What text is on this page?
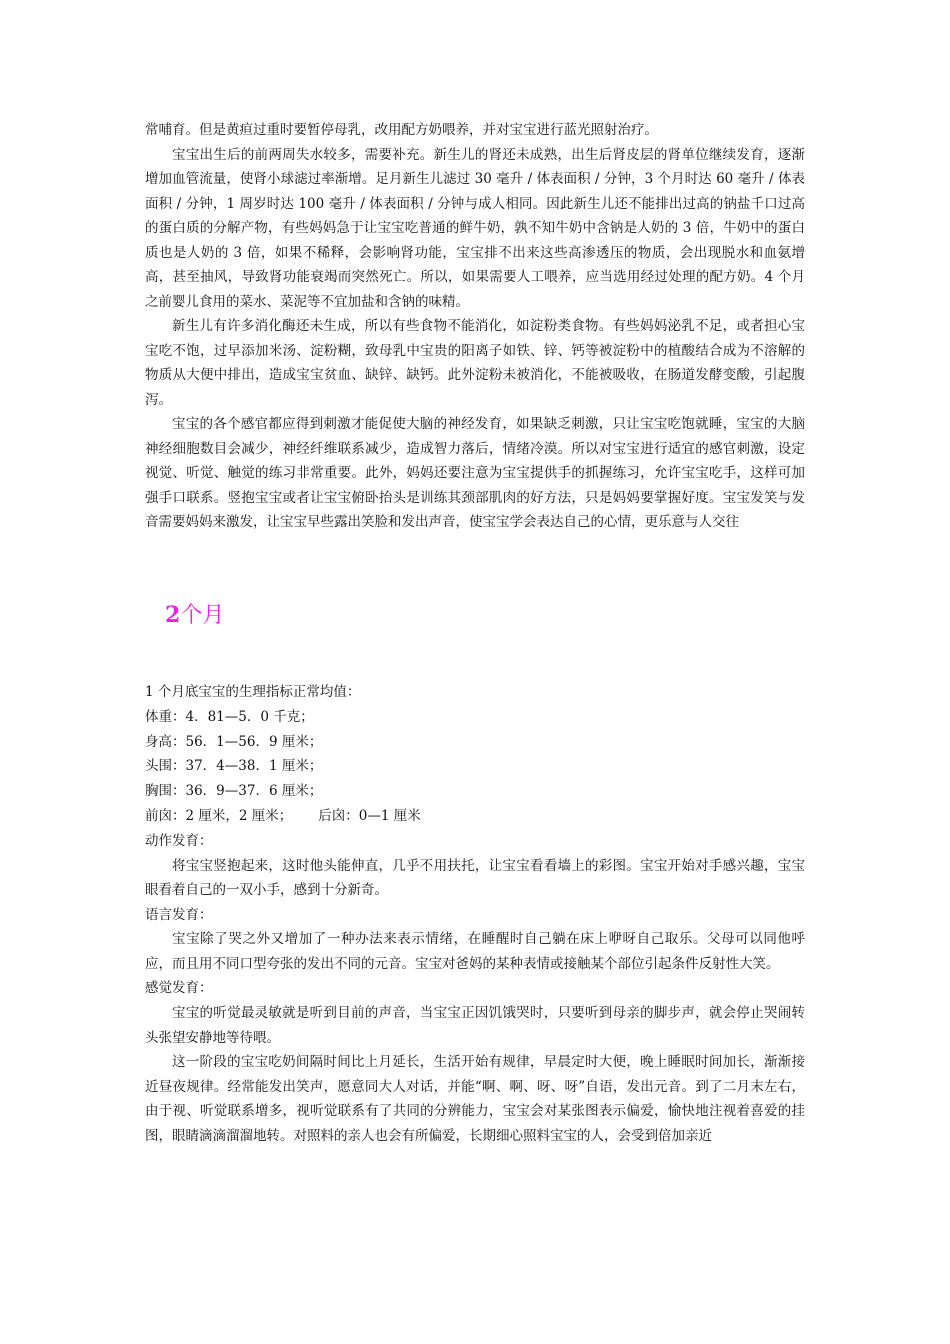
常哺育。但是黄疸过重时要暂停母乳，改用配方奶喂养，并对宝宝进行蓝光照射治疗。

宝宝出生后的前两周失水较多，需要补充。新生儿的肾还未成熟，出生后肾皮层的肾单位继续发育，逐渐增加血管流量，使肾小球滤过率渐增。足月新生儿滤过 30 毫升 / 体表面积 / 分钟，3 个月时达 60 毫升 / 体表面积 / 分钟，1 周岁时达 100 毫升 / 体表面积 / 分钟与成人相同。因此新生儿还不能排出过高的钠盐千口过高的蛋白质的分解产物，有些妈妈急于让宝宝吃普通的鲜牛奶，孰不知牛奶中含钠是人奶的 3 倍，牛奶中的蛋白质也是人奶的 3 倍，如果不稀释，会影响肾功能，宝宝排不出来这些高渗透压的物质，会出现脱水和血氨增高，甚至抽风，导致肾功能衰竭而突然死亡。所以，如果需要人工喂养，应当选用经过处理的配方奶。4 个月之前婴儿食用的菜水、菜泥等不宜加盐和含钠的味精。

新生儿有许多消化酶还未生成，所以有些食物不能消化，如淀粉类食物。有些妈妈泌乳不足，或者担心宝宝吃不饱，过早添加米汤、淀粉糊，致母乳中宝贵的阳离子如铁、锌、钙等被淀粉中的植酸结合成为不溶解的物质从大便中排出，造成宝宝贫血、缺锌、缺钙。此外淀粉未被消化，不能被吸收，在肠道发酵变酸，引起腹泻。

宝宝的各个感官都应得到刺激才能促使大脑的神经发育，如果缺乏刺激，只让宝宝吃饱就睡，宝宝的大脑神经细胞数目会减少，神经纤维联系减少，造成智力落后，情绪冷漠。所以对宝宝进行适宜的感官刺激，设定视觉、听觉、触觉的练习非常重要。此外，妈妈还要注意为宝宝提供手的抓握练习，允许宝宝吃手，这样可加强手口联系。竖抱宝宝或者让宝宝俯卧抬头是训练其颈部肌肉的好方法，只是妈妈要掌握好度。宝宝发笑与发音需要妈妈来激发，让宝宝早些露出笑脸和发出声音，使宝宝学会表达自己的心情，更乐意与人交往

2个月

1 个月底宝宝的生理指标正常均值：

体重：4．81—5．0 千克；

身高：56．1—56．9 厘米；

头围：37．4—38．1 厘米；

胸围：36．9—37．6 厘米；

前囟：2 厘米，2 厘米； 后囟：0—1 厘米

动作发育：

将宝宝竖抱起来，这时他头能伸直，几乎不用扶托，让宝宝看看墙上的彩图。宝宝开始对手感兴趣，宝宝眼看着自己的一双小手，感到十分新奇。

语言发育：

宝宝除了哭之外又增加了一种办法来表示情绪，在睡醒时自己躺在床上咿呀自己取乐。父母可以同他呼应，而且用不同口型夸张的发出不同的元音。宝宝对爸妈的某种表情或接触某个部位引起条件反射性大笑。

感觉发育：

宝宝的听觉最灵敏就是听到目前的声音，当宝宝正因饥饿哭时，只要听到母亲的脚步声，就会停止哭闹转头张望安静地等待喂。

这一阶段的宝宝吃奶间隔时间比上月延长，生活开始有规律，早晨定时大便，晚上睡眠时间加长，渐渐接近昼夜规律。经常能发出笑声，愿意同大人对话，并能“啊、啊、呀、呀”自语，发出元音。到了二月末左右，由于视、听觉联系增多，视听觉联系有了共同的分辨能力，宝宝会对某张图表示偏爱，愉快地注视着喜爱的挂图，眼睛滴滴溜溜地转。对照料的亲人也会有所偏爱，长期细心照料宝宝的人，会受到倍加亲近
